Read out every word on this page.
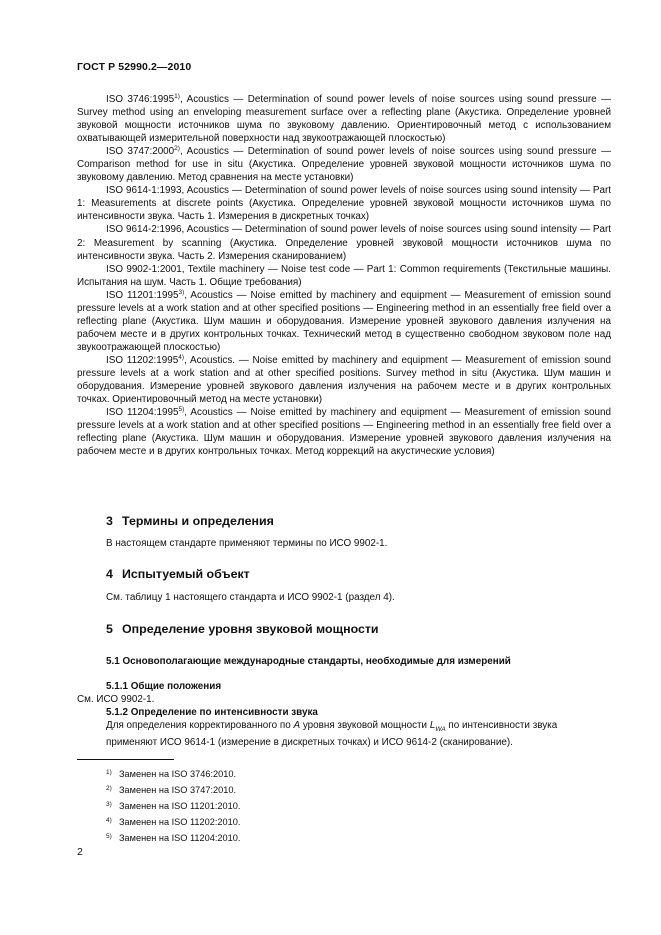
ГОСТ Р 52990.2—2010

ISO 3746:1995$^{1)}$, Acoustics — Determination of sound power levels of noise sources using sound pressure — Survey method using an enveloping measurement surface over a reflecting plane (Акустика. Определение уровней звуковой мощности источников шума по звуковому давлению. Ориентировочный метод с использованием охватывающей измерительной поверхности над звукоотражающей плоскостью)

ISO 3747:2000$^{2)}$, Acoustics — Determination of sound power levels of noise sources using sound pressure — Comparison method for use in situ (Акустика. Определение уровней звуковой мощности источников шума по звуковому давлению. Метод сравнения на месте установки)

ISO 9614-1:1993, Acoustics — Determination of sound power levels of noise sources using sound intensity — Part 1: Measurements at discrete points (Акустика. Определение уровней звуковой мощности источников шума по интенсивности звука. Часть 1. Измерения в дискретных точках)

ISO 9614-2:1996, Acoustics — Determination of sound power levels of noise sources using sound intensity — Part 2: Measurement by scanning (Акустика. Определение уровней звуковой мощности источников шума по интенсивности звука. Часть 2. Измерения сканированием)

ISO 9902-1:2001, Textile machinery — Noise test code — Part 1: Common requirements (Текстильные машины. Испытания на шум. Часть 1. Общие требования)

ISO 11201:1995$^{3)}$, Acoustics — Noise emitted by machinery and equipment — Measurement of emission sound pressure levels at a work station and at other specified positions — Engineering method in an essentially free field over a reflecting plane (Акустика. Шум машин и оборудования. Измерение уровней звукового давления излучения на рабочем месте и в других контрольных точках. Технический метод в существенно свободном звуковом поле над звукоотражающей плоскостью)

ISO 11202:1995$^{4)}$, Acoustics. — Noise emitted by machinery and equipment — Measurement of emission sound pressure levels at a work station and at other specified positions. Survey method in situ (Акустика. Шум машин и оборудования. Измерение уровней звукового давления излучения на рабочем месте и в других контрольных точках. Ориентировочный метод на месте установки)

ISO 11204:1995$^{5)}$, Acoustics — Noise emitted by machinery and equipment — Measurement of emission sound pressure levels at a work station and at other specified positions — Engineering method in an essentially free field over a reflecting plane (Акустика. Шум машин и оборудования. Измерение уровней звукового давления излучения на рабочем месте и в других контрольных точках. Метод коррекций на акустические условия)

3 Термины и определения
В настоящем стандарте применяют термины по ИСО 9902-1.
4 Испытуемый объект
См. таблицу 1 настоящего стандарта и ИСО 9902-1 (раздел 4).
5 Определение уровня звуковой мощности
5.1 Основополагающие международные стандарты, необходимые для измерений

5.1.1 Общие положения

См. ИСО 9902-1.

5.1.2 Определение по интенсивности звука

Для определения корректированного по A уровня звуковой мощности $L_{WA}$ по интенсивности звука применяют ИСО 9614-1 (измерение в дискретных точках) и ИСО 9614-2 (сканирование).

$^{1)}$ Заменен на ISO 3746:2010.
$^{2)}$ Заменен на ISO 3747:2010.
$^{3)}$ Заменен на ISO 11201:2010.
$^{4)}$ Заменен на ISO 11202:2010.
$^{5)}$ Заменен на ISO 11204:2010.
2
